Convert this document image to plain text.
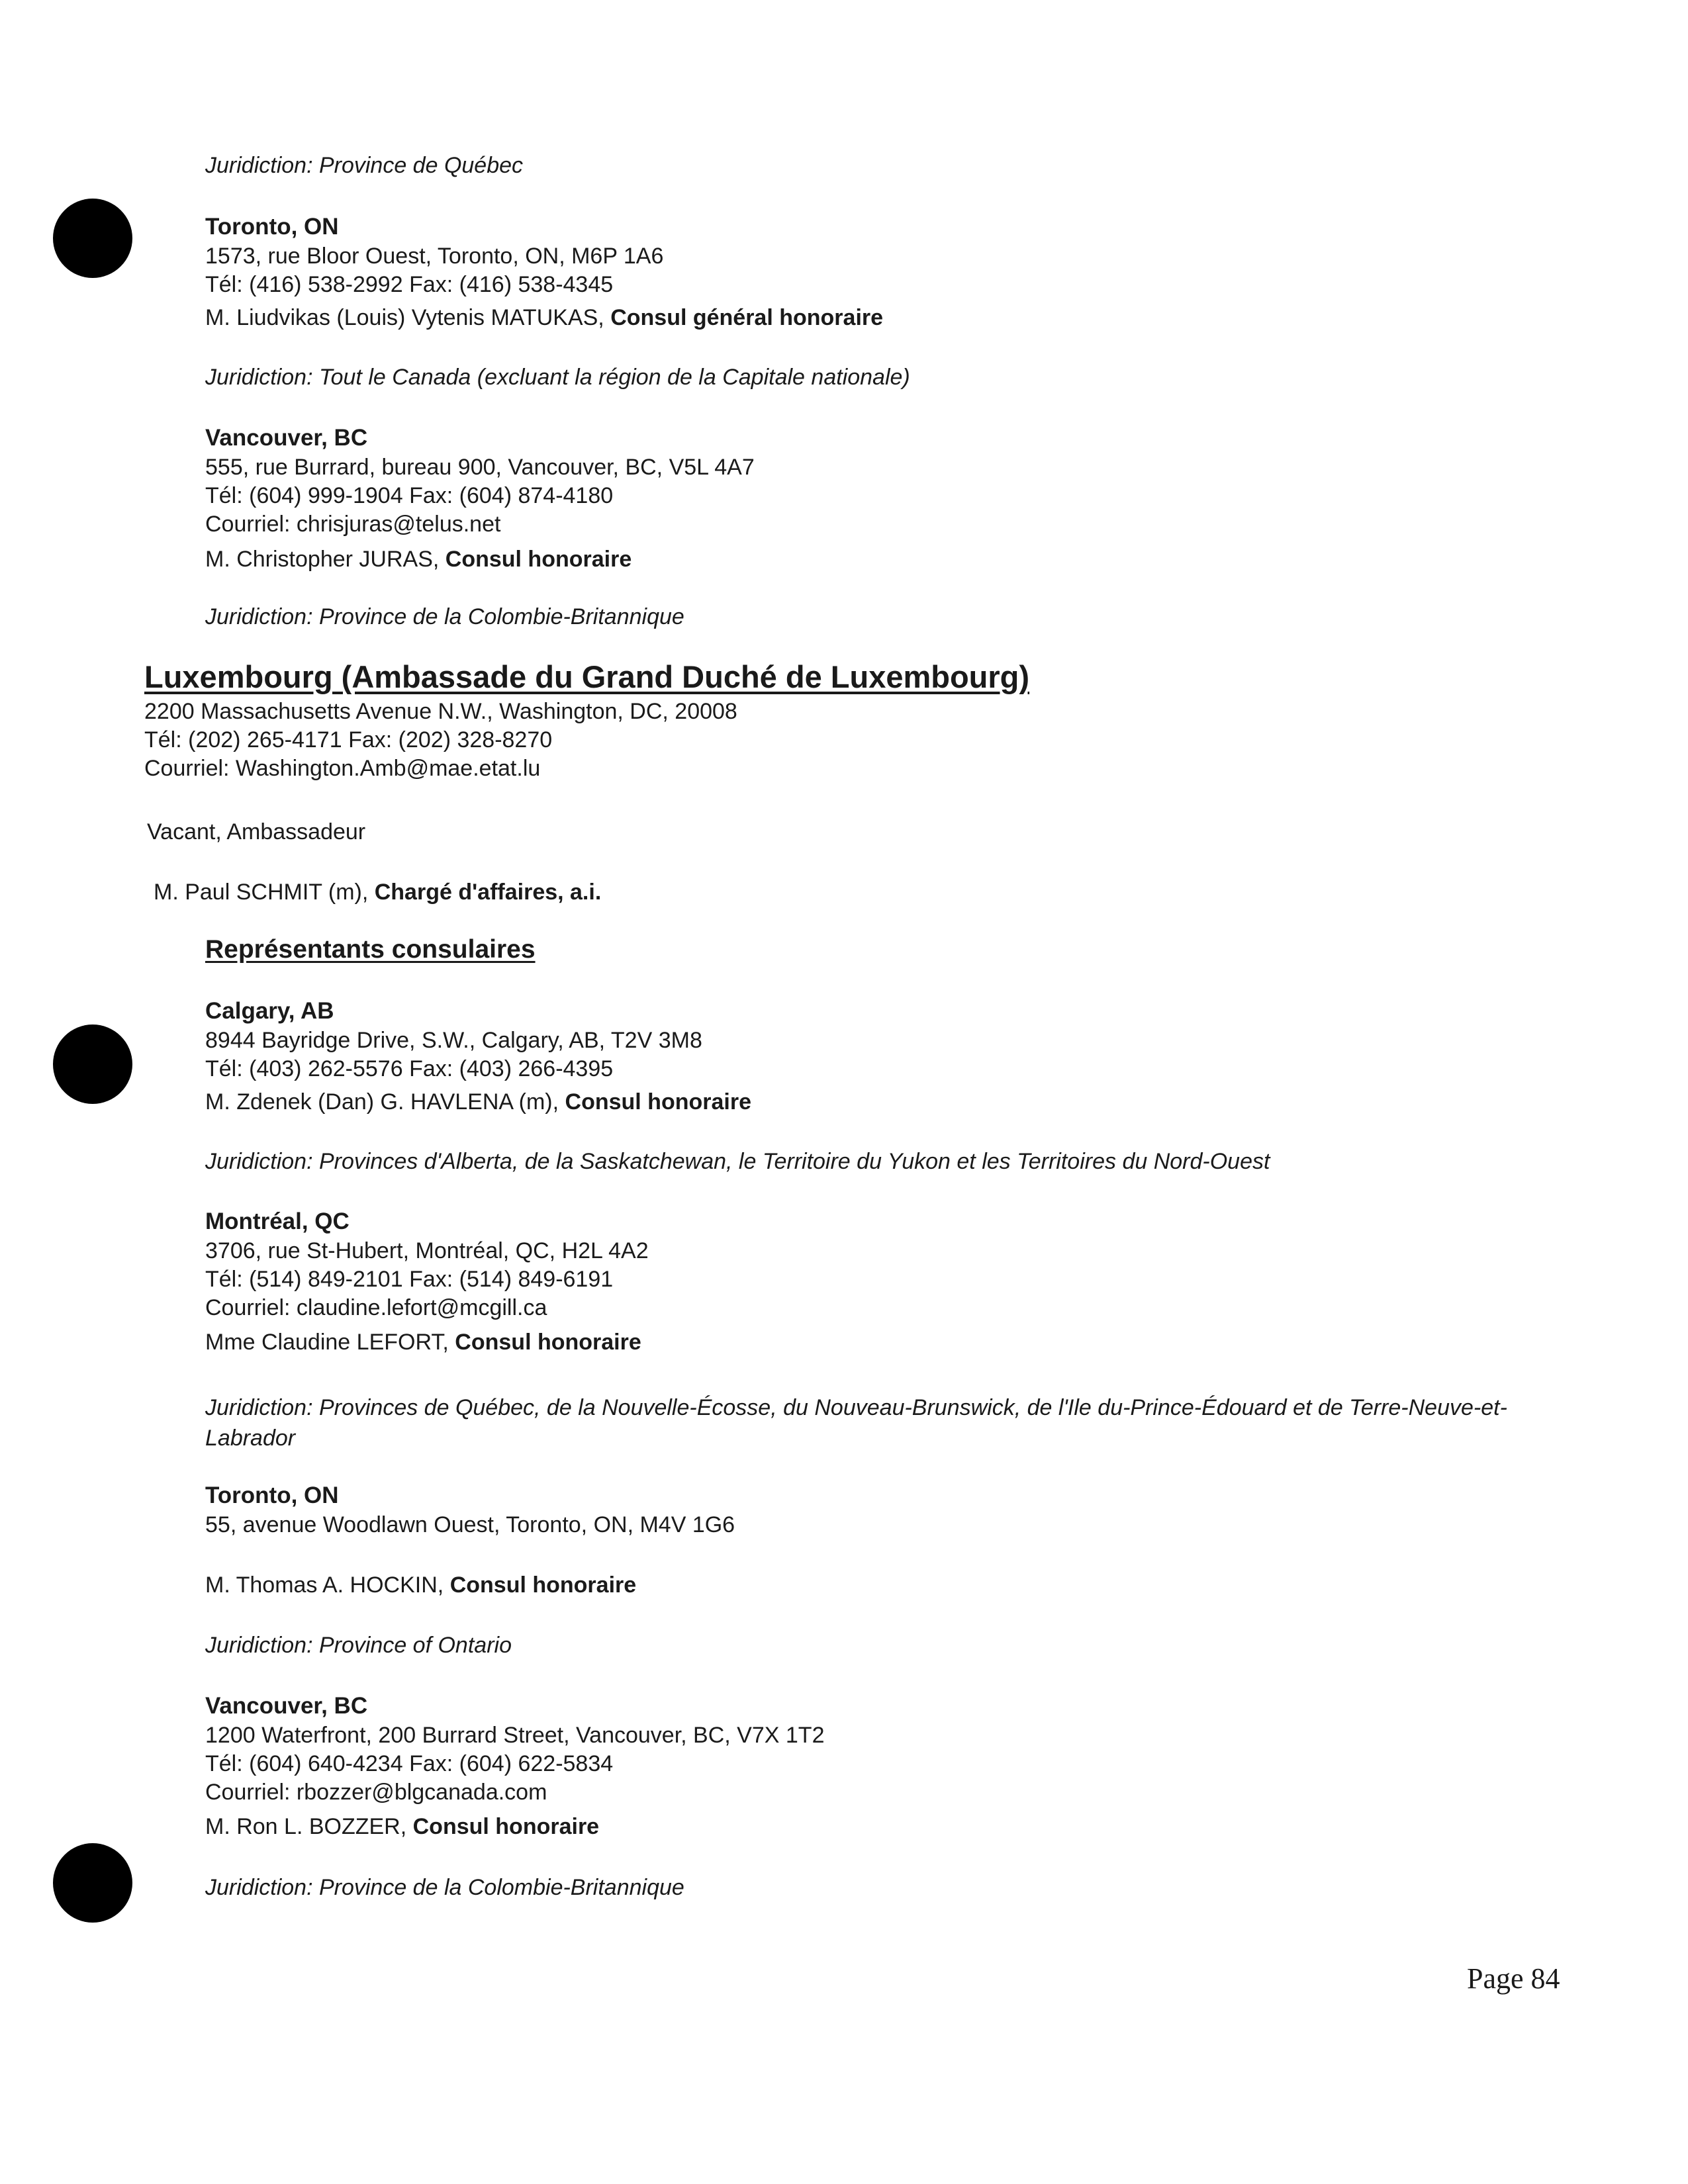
Juridiction: Province de Québec
Toronto, ON
1573, rue Bloor Ouest, Toronto, ON, M6P 1A6
Tél: (416) 538-2992 Fax: (416) 538-4345
M. Liudvikas (Louis) Vytenis MATUKAS, Consul général honoraire
Juridiction: Tout le Canada (excluant la région de la Capitale nationale)
Vancouver, BC
555, rue Burrard, bureau 900, Vancouver, BC, V5L 4A7
Tél: (604) 999-1904 Fax: (604) 874-4180
Courriel: chrisjuras@telus.net
M. Christopher JURAS, Consul honoraire
Juridiction: Province de la Colombie-Britannique
Luxembourg (Ambassade du Grand Duché de Luxembourg)
2200 Massachusetts Avenue N.W., Washington, DC, 20008
Tél: (202) 265-4171 Fax: (202) 328-8270
Courriel: Washington.Amb@mae.etat.lu
Vacant, Ambassadeur
M. Paul SCHMIT (m), Chargé d'affaires, a.i.
Représentants consulaires
Calgary, AB
8944 Bayridge Drive, S.W., Calgary, AB, T2V 3M8
Tél: (403) 262-5576 Fax: (403) 266-4395
M. Zdenek (Dan) G. HAVLENA (m), Consul honoraire
Juridiction: Provinces d'Alberta, de la Saskatchewan, le Territoire du Yukon et les Territoires du Nord-Ouest
Montréal, QC
3706, rue St-Hubert, Montréal, QC, H2L 4A2
Tél: (514) 849-2101 Fax: (514) 849-6191
Courriel: claudine.lefort@mcgill.ca
Mme Claudine LEFORT, Consul honoraire
Juridiction: Provinces de Québec, de la Nouvelle-Écosse, du Nouveau-Brunswick, de l'Ile du-Prince-Édouard et de Terre-Neuve-et-Labrador
Toronto, ON
55, avenue Woodlawn Ouest, Toronto, ON, M4V 1G6
M. Thomas A. HOCKIN, Consul honoraire
Juridiction: Province of Ontario
Vancouver, BC
1200 Waterfront, 200 Burrard Street, Vancouver, BC, V7X 1T2
Tél: (604) 640-4234 Fax: (604) 622-5834
Courriel: rbozzer@blgcanada.com
M. Ron L. BOZZER, Consul honoraire
Juridiction: Province de la Colombie-Britannique
Page 84
